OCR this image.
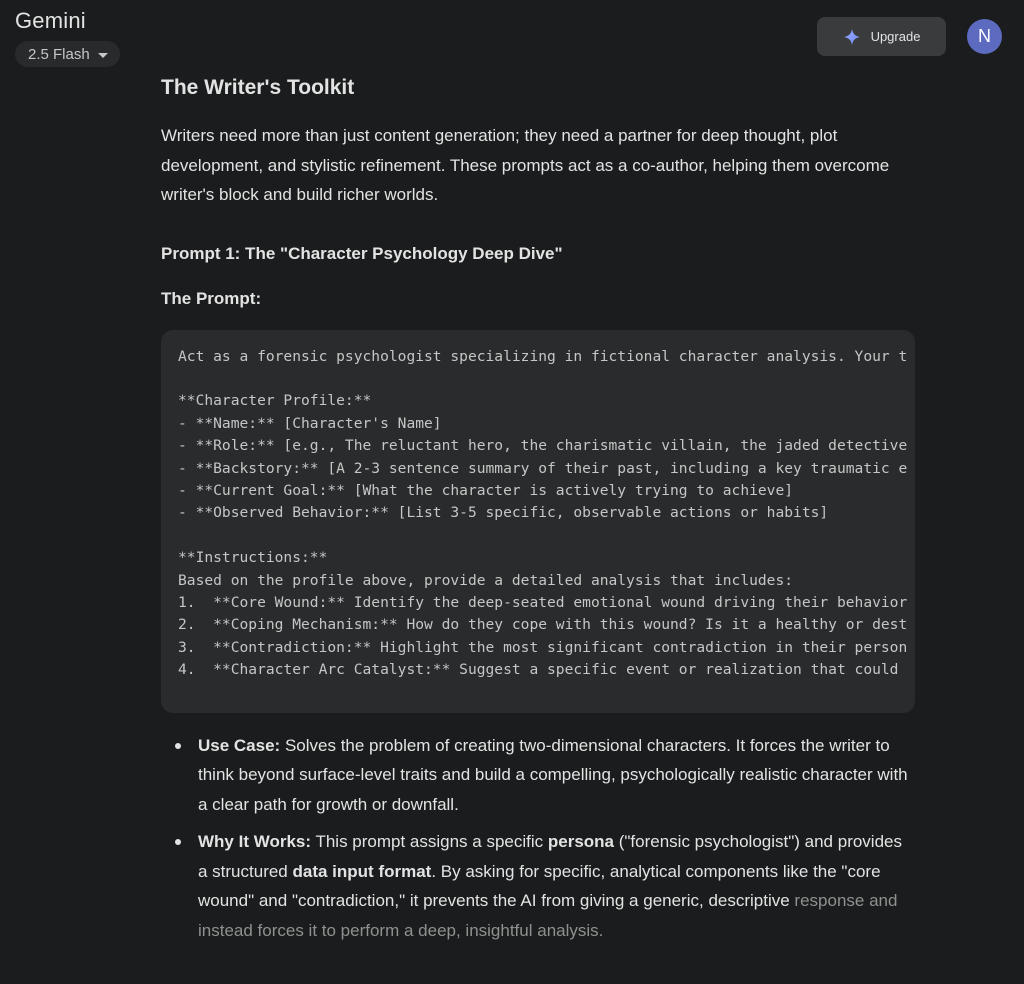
Gemini
2.5 Flash
Upgrade	N
The Writer's Toolkit

Writers need more than just content generation; they need a partner for deep thought, plot development, and stylistic refinement. These prompts act as a co-author, helping them overcome writer's block and build richer worlds.

Prompt 1: The "Character Psychology Deep Dive"
The Prompt:
Act as a forensic psychologist specializing in fictional character analysis. Your t

**Character Profile:**
- **Name:** [Character's Name]
- **Role:** [e.g., The reluctant hero, the charismatic villain, the jaded detective
- **Backstory:** [A 2-3 sentence summary of their past, including a key traumatic e
- **Current Goal:** [What the character is actively trying to achieve]
- **Observed Behavior:** [List 3-5 specific, observable actions or habits]

**Instructions:**
Based on the profile above, provide a detailed analysis that includes:
1.  **Core Wound:** Identify the deep-seated emotional wound driving their behavior
2.  **Coping Mechanism:** How do they cope with this wound? Is it a healthy or dest
3.  **Contradiction:** Highlight the most significant contradiction in their person
4.  **Character Arc Catalyst:** Suggest a specific event or realization that could
Use Case: Solves the problem of creating two-dimensional characters. It forces the writer to think beyond surface-level traits and build a compelling, psychologically realistic character with a clear path for growth or downfall.
Why It Works: This prompt assigns a specific persona ("forensic psychologist") and provides a structured data input format. By asking for specific, analytical components like the "core wound" and "contradiction," it prevents the AI from giving a generic, descriptive response and instead forces it to perform a deep, insightful analysis.
